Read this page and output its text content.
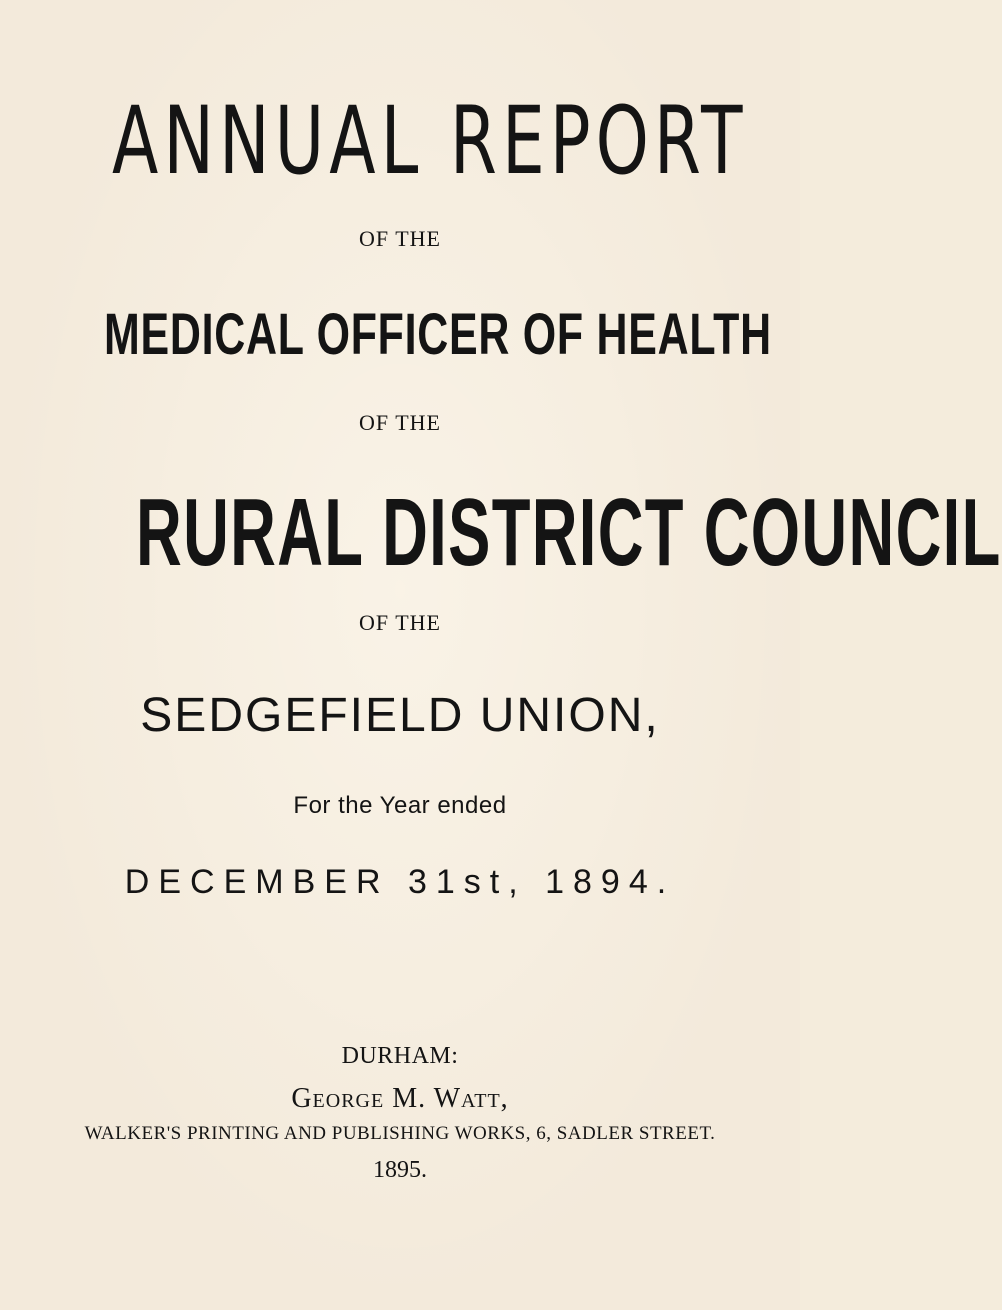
ANNUAL REPORT
OF THE
MEDICAL OFFICER OF HEALTH
OF THE
RURAL DISTRICT COUNCIL
OF THE
SEDGEFIELD UNION,
For the Year ended
DECEMBER 31st, 1894.
DURHAM:
George M. Watt,
WALKER'S PRINTING AND PUBLISHING WORKS, 6, SADLER STREET.
1895.
